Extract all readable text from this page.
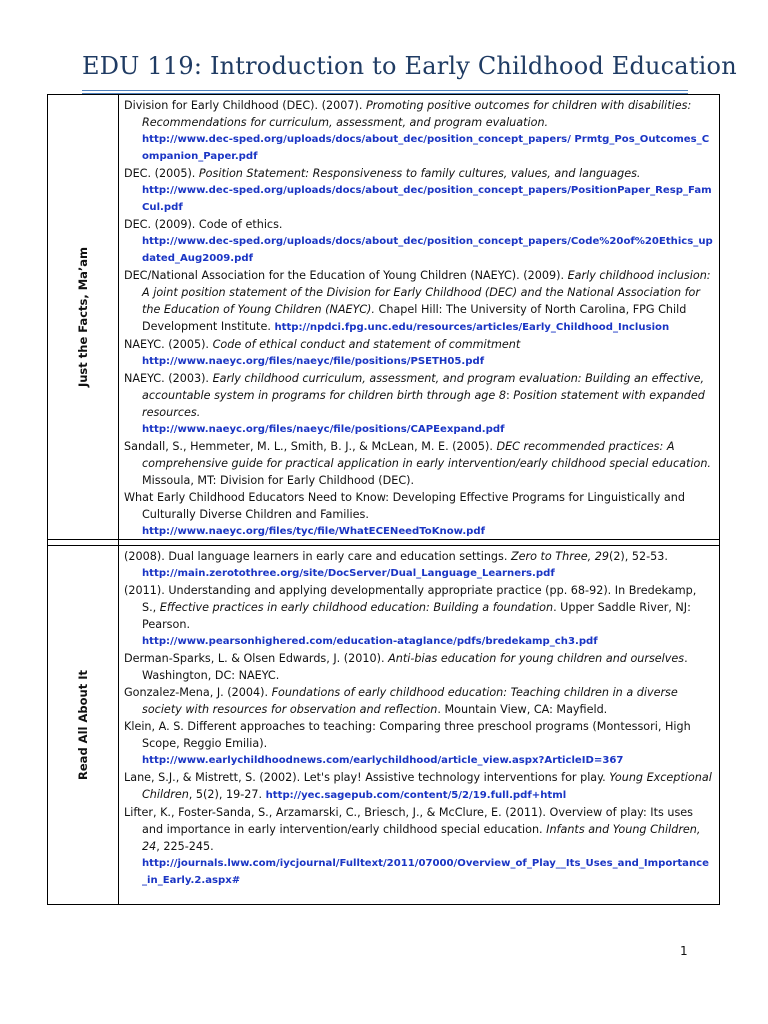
EDU 119: Introduction to Early Childhood Education
Just the Facts, Ma’am
Division for Early Childhood (DEC). (2007). Promoting positive outcomes for children with disabilities: Recommendations for curriculum, assessment, and program evaluation.
http://www.dec-sped.org/uploads/docs/about_dec/position_concept_papers/ Prmtg_Pos_Outcomes_Companion_Paper.pdf
DEC. (2005). Position Statement: Responsiveness to family cultures, values, and languages.
http://www.dec-sped.org/uploads/docs/about_dec/position_concept_papers/PositionPaper_Resp_FamCul.pdf
DEC. (2009). Code of ethics.
http://www.dec-sped.org/uploads/docs/about_dec/position_concept_papers/Code%20of%20Ethics_updated_Aug2009.pdf
DEC/National Association for the Education of Young Children (NAEYC). (2009). Early childhood inclusion: A joint position statement of the Division for Early Childhood (DEC) and the National Association for the Education of Young Children (NAEYC). Chapel Hill: The University of North Carolina, FPG Child Development Institute. http://npdci.fpg.unc.edu/resources/articles/Early_Childhood_Inclusion
NAEYC. (2005). Code of ethical conduct and statement of commitment
http://www.naeyc.org/files/naeyc/file/positions/PSETH05.pdf
NAEYC. (2003). Early childhood curriculum, assessment, and program evaluation: Building an effective, accountable system in programs for children birth through age 8: Position statement with expanded resources.
http://www.naeyc.org/files/naeyc/file/positions/CAPEexpand.pdf
Sandall, S., Hemmeter, M. L., Smith, B. J., & McLean, M. E. (2005). DEC recommended practices: A comprehensive guide for practical application in early intervention/early childhood special education. Missoula, MT: Division for Early Childhood (DEC).
What Early Childhood Educators Need to Know: Developing Effective Programs for Linguistically and Culturally Diverse Children and Families.
http://www.naeyc.org/files/tyc/file/WhatECENeedToKnow.pdf
Read All About It
(2008). Dual language learners in early care and education settings. Zero to Three, 29(2), 52-53.
http://main.zerotothree.org/site/DocServer/Dual_Language_Learners.pdf
(2011). Understanding and applying developmentally appropriate practice (pp. 68-92). In Bredekamp, S., Effective practices in early childhood education: Building a foundation. Upper Saddle River, NJ: Pearson.
http://www.pearsonhighered.com/education-ataglance/pdfs/bredekamp_ch3.pdf
Derman-Sparks, L. & Olsen Edwards, J. (2010). Anti-bias education for young children and ourselves. Washington, DC: NAEYC.
Gonzalez-Mena, J. (2004). Foundations of early childhood education: Teaching children in a diverse society with resources for observation and reflection. Mountain View, CA: Mayfield.
Klein, A. S. Different approaches to teaching: Comparing three preschool programs (Montessori, High Scope, Reggio Emilia).
http://www.earlychildhoodnews.com/earlychildhood/article_view.aspx?ArticleID=367
Lane, S.J., & Mistrett, S. (2002). Let's play! Assistive technology interventions for play. Young Exceptional Children, 5(2), 19-27. http://yec.sagepub.com/content/5/2/19.full.pdf+html
Lifter, K., Foster-Sanda, S., Arzamarski, C., Briesch, J., & McClure, E. (2011). Overview of play: Its uses and importance in early intervention/early childhood special education. Infants and Young Children, 24, 225-245.
http://journals.lww.com/iycjournal/Fulltext/2011/07000/Overview_of_Play__Its_Uses_and_Importance_in_Early.2.aspx#
1
